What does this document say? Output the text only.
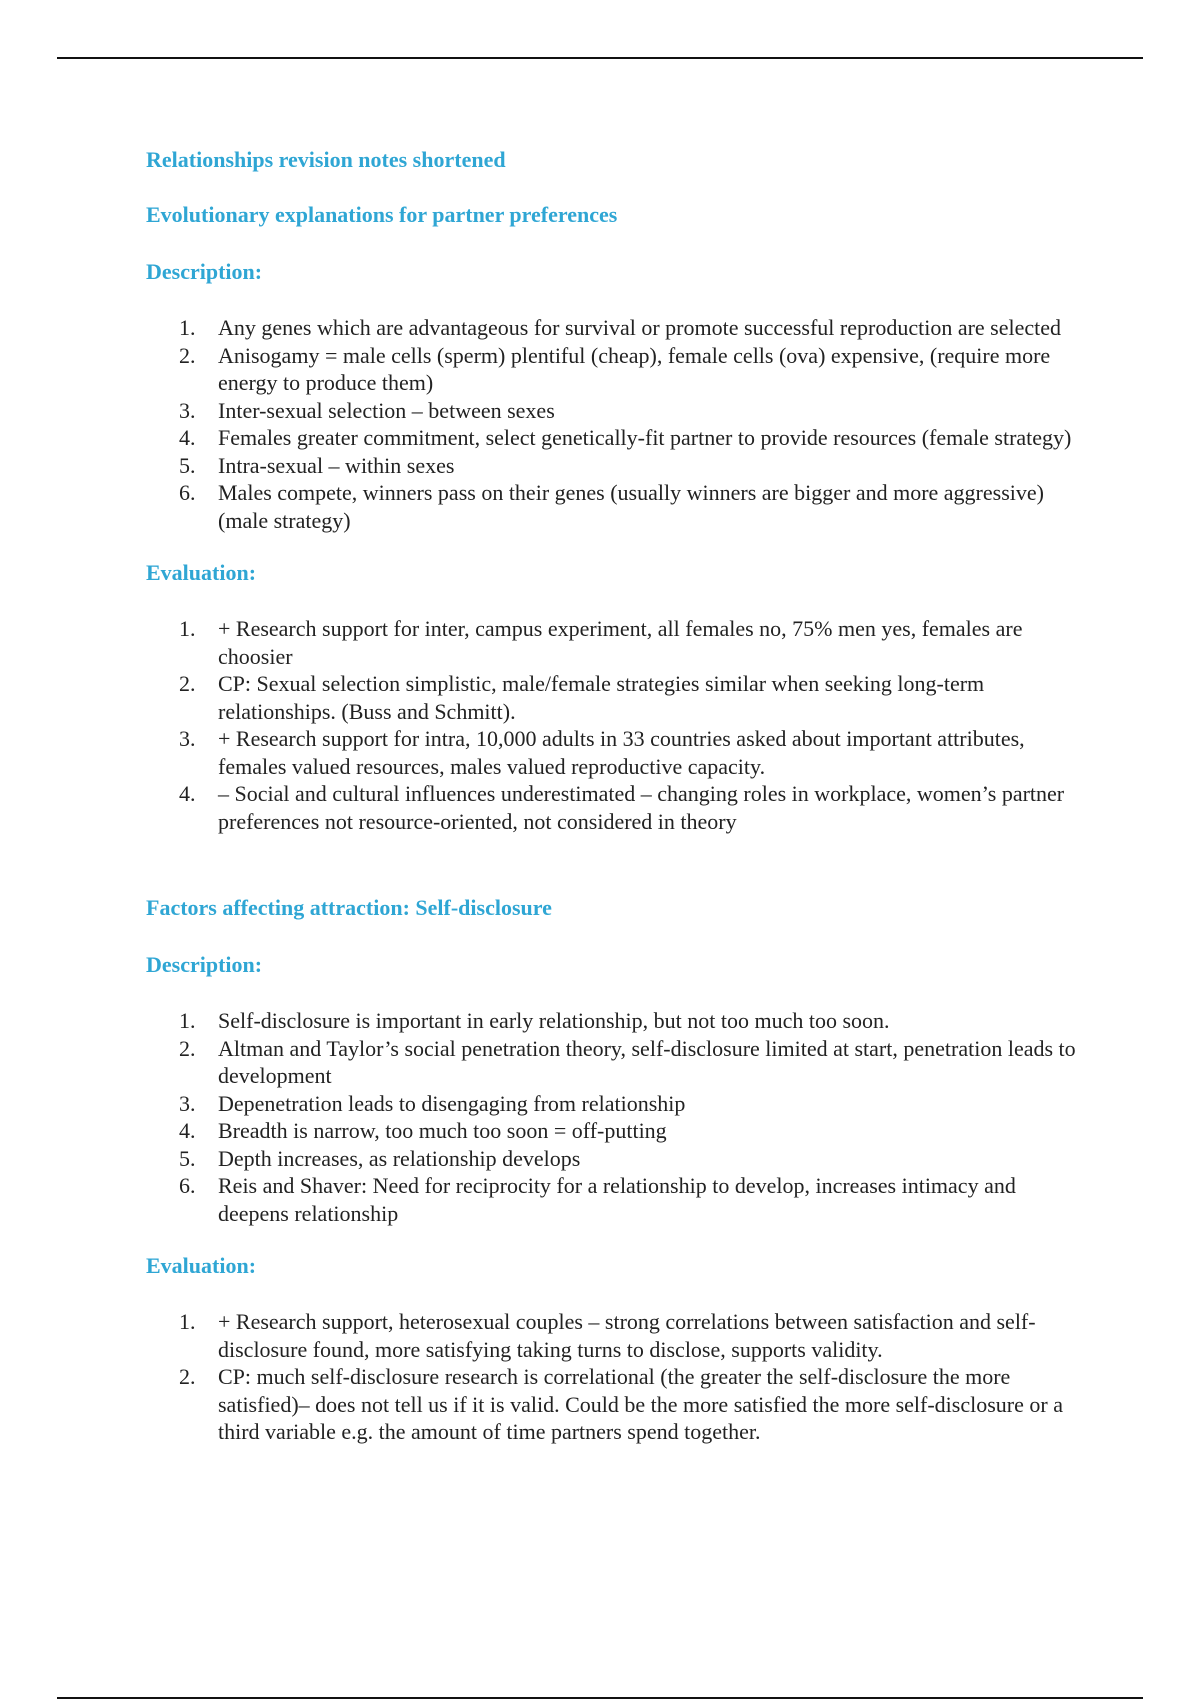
Relationships revision notes shortened
Evolutionary explanations for partner preferences
Description:
1. Any genes which are advantageous for survival or promote successful reproduction are selected
2. Anisogamy = male cells (sperm) plentiful (cheap), female cells (ova) expensive, (require more energy to produce them)
3. Inter-sexual selection – between sexes
4. Females greater commitment, select genetically-fit partner to provide resources (female strategy)
5. Intra-sexual – within sexes
6. Males compete, winners pass on their genes (usually winners are bigger and more aggressive) (male strategy)
Evaluation:
1. + Research support for inter, campus experiment, all females no, 75% men yes, females are choosier
2. CP: Sexual selection simplistic, male/female strategies similar when seeking long-term relationships. (Buss and Schmitt).
3. + Research support for intra, 10,000 adults in 33 countries asked about important attributes, females valued resources, males valued reproductive capacity.
4. – Social and cultural influences underestimated – changing roles in workplace, women’s partner preferences not resource-oriented, not considered in theory
Factors affecting attraction: Self-disclosure
Description:
1. Self-disclosure is important in early relationship, but not too much too soon.
2. Altman and Taylor’s social penetration theory, self-disclosure limited at start, penetration leads to development
3. Depenetration leads to disengaging from relationship
4. Breadth is narrow, too much too soon = off-putting
5. Depth increases, as relationship develops
6. Reis and Shaver: Need for reciprocity for a relationship to develop, increases intimacy and deepens relationship
Evaluation:
1. + Research support, heterosexual couples – strong correlations between satisfaction and self-disclosure found, more satisfying taking turns to disclose, supports validity.
2. CP: much self-disclosure research is correlational (the greater the self-disclosure the more satisfied)– does not tell us if it is valid. Could be the more satisfied the more self-disclosure or a third variable e.g. the amount of time partners spend together.
